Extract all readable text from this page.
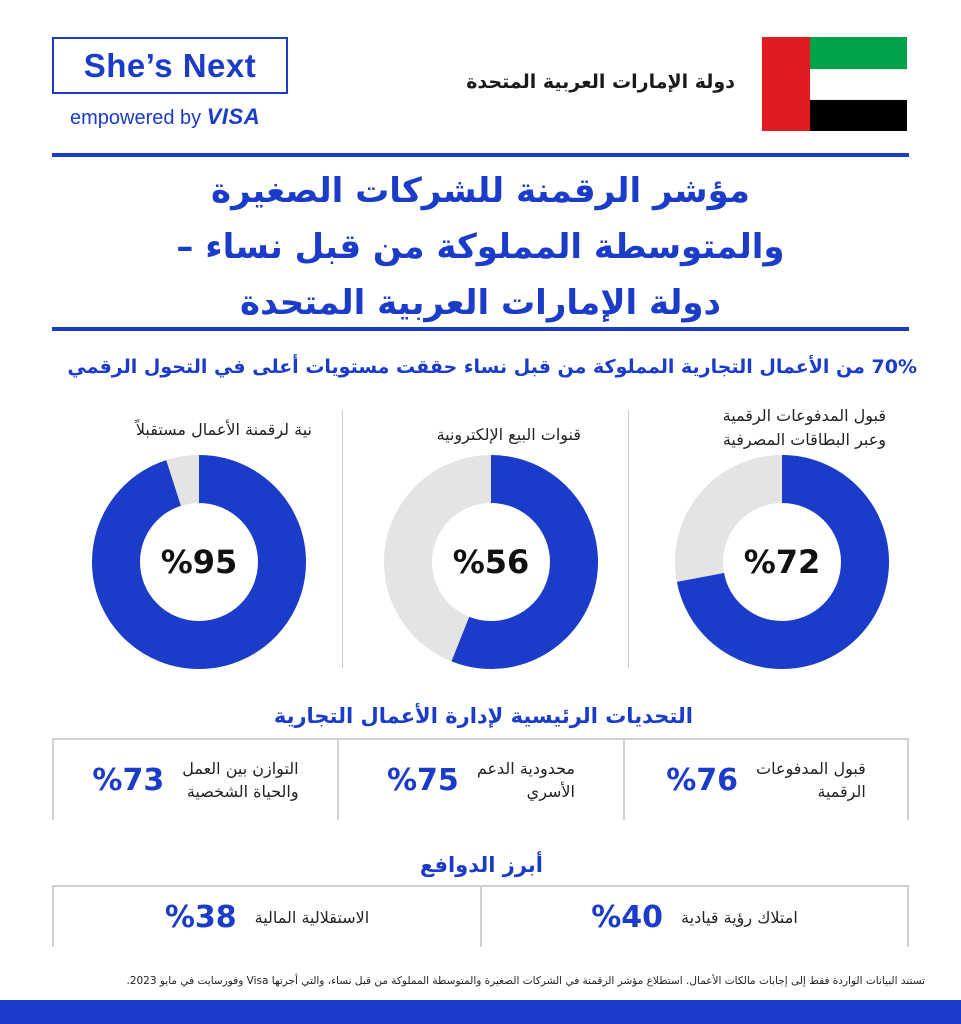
She’s Next
empowered by VISA
دولة الإمارات العربية المتحدة
مؤشر الرقمنة للشركات الصغيرة
والمتوسطة المملوكة من قبل نساء –
دولة الإمارات العربية المتحدة
70% من الأعمال التجارية المملوكة من قبل نساء حققت مستويات أعلى في التحول الرقمي
قبول المدفوعات الرقمية
وعبر البطاقات المصرفية
%72
قنوات البيع الإلكترونية
%56
نية لرقمنة الأعمال مستقبلاً
%95
التحديات الرئيسية لإدارة الأعمال التجارية
قبول المدفوعات
الرقمية
%76
محدودية الدعم
الأسري
%75
التوازن بين العمل
والحياة الشخصية
%73
أبرز الدوافع
امتلاك رؤية قيادية
%40
الاستقلالية المالية
%38
تستند البيانات الواردة فقط إلى إجابات مالكات الأعمال. استطلاع مؤشر الرقمنة في الشركات الصغيرة والمتوسطة المملوكة من قبل نساء، والتي أجرتها Visa وفورسايت في مايو 2023.
